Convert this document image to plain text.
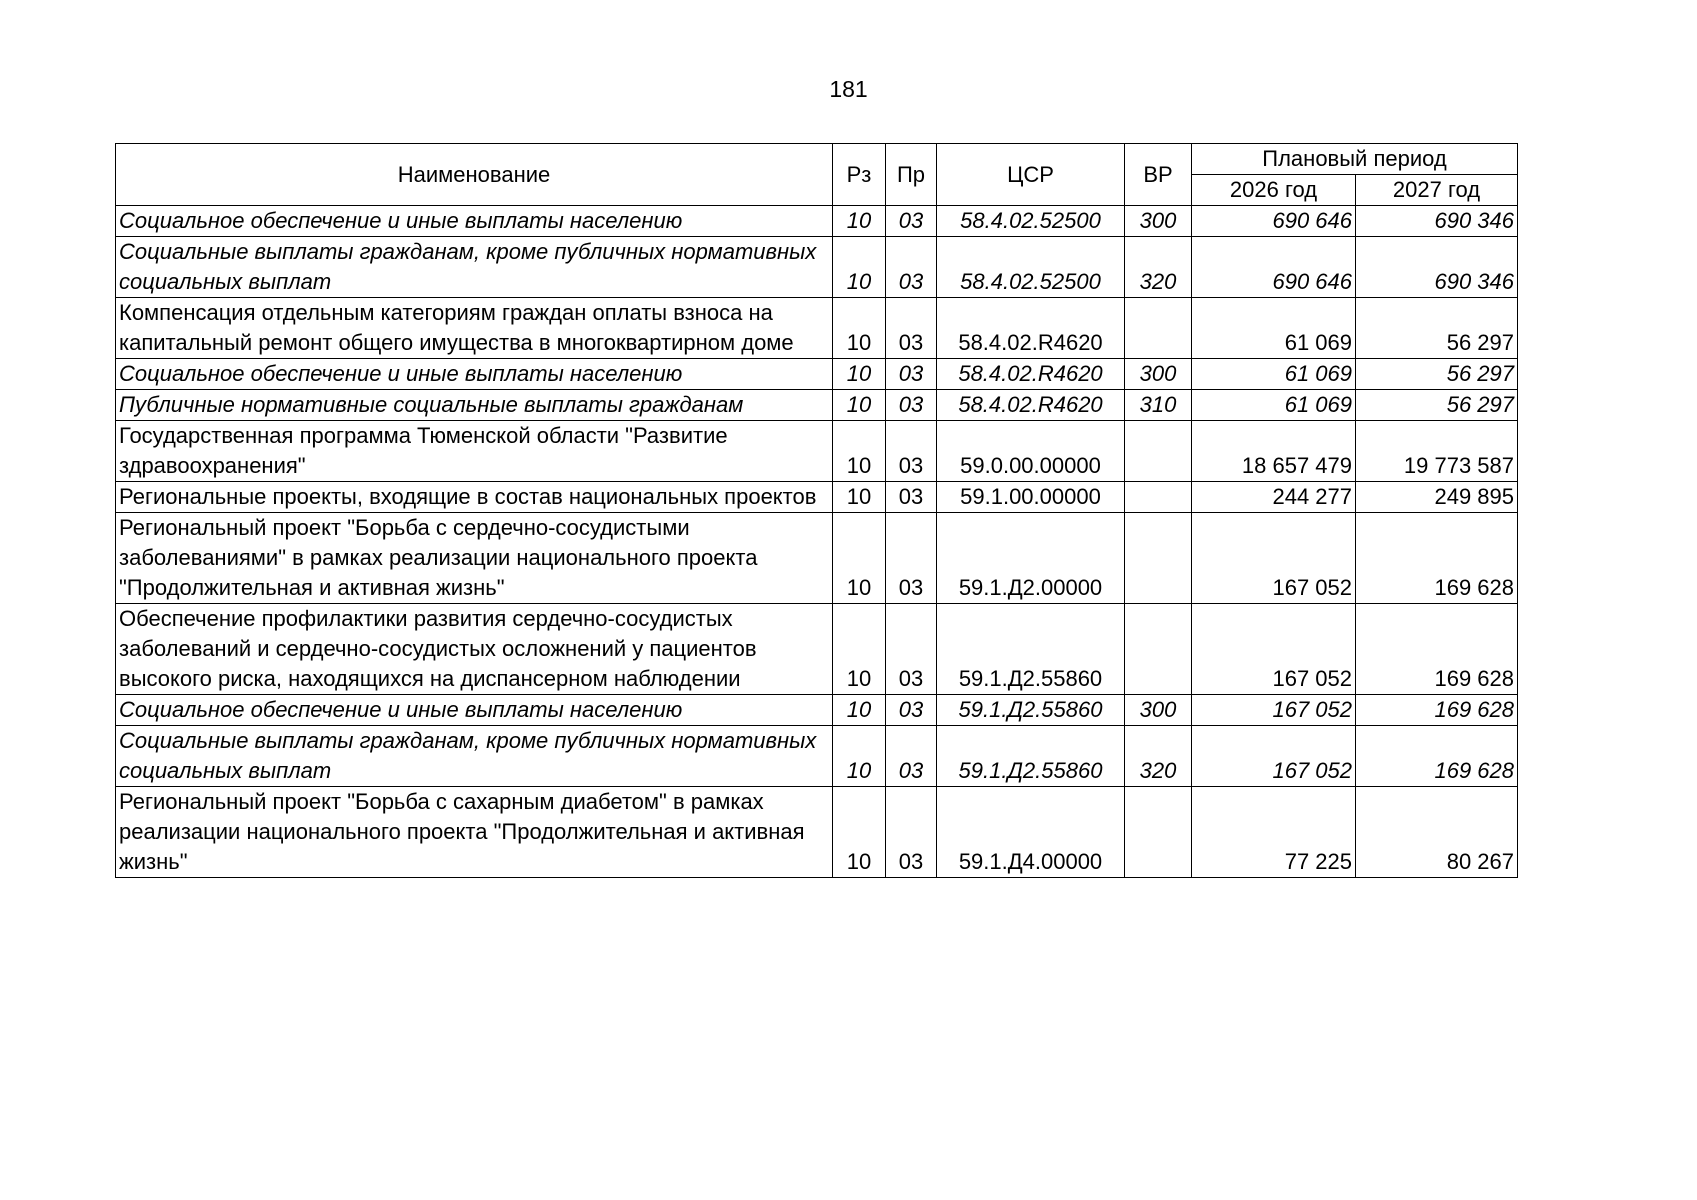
181
Наименование	Рз	Пр	ЦСР	ВР	Плановый период	
					2026 год	2027 год
Социальное обеспечение и иные выплаты населению	10	03	58.4.02.52500	300	690 646	690 346
Социальные выплаты гражданам, кроме публичных нормативных социальных выплат	10	03	58.4.02.52500	320	690 646	690 346
Компенсация отдельным категориям граждан оплаты взноса на капитальный ремонт общего имущества в многоквартирном доме	10	03	58.4.02.R4620		61 069	56 297
Социальное обеспечение и иные выплаты населению	10	03	58.4.02.R4620	300	61 069	56 297
Публичные нормативные социальные выплаты гражданам	10	03	58.4.02.R4620	310	61 069	56 297
Государственная программа Тюменской области "Развитие здравоохранения"	10	03	59.0.00.00000		18 657 479	19 773 587
Региональные проекты, входящие в состав национальных проектов	10	03	59.1.00.00000		244 277	249 895
Региональный проект "Борьба с сердечно-сосудистыми заболеваниями" в рамках реализации национального проекта "Продолжительная и активная жизнь"	10	03	59.1.Д2.00000		167 052	169 628
Обеспечение профилактики развития сердечно-сосудистых заболеваний и сердечно-сосудистых осложнений у пациентов высокого риска, находящихся на диспансерном наблюдении	10	03	59.1.Д2.55860		167 052	169 628
Социальное обеспечение и иные выплаты населению	10	03	59.1.Д2.55860	300	167 052	169 628
Социальные выплаты гражданам, кроме публичных нормативных социальных выплат	10	03	59.1.Д2.55860	320	167 052	169 628
Региональный проект "Борьба с сахарным диабетом" в рамках реализации национального проекта "Продолжительная и активная жизнь"	10	03	59.1.Д4.00000		77 225	80 267
